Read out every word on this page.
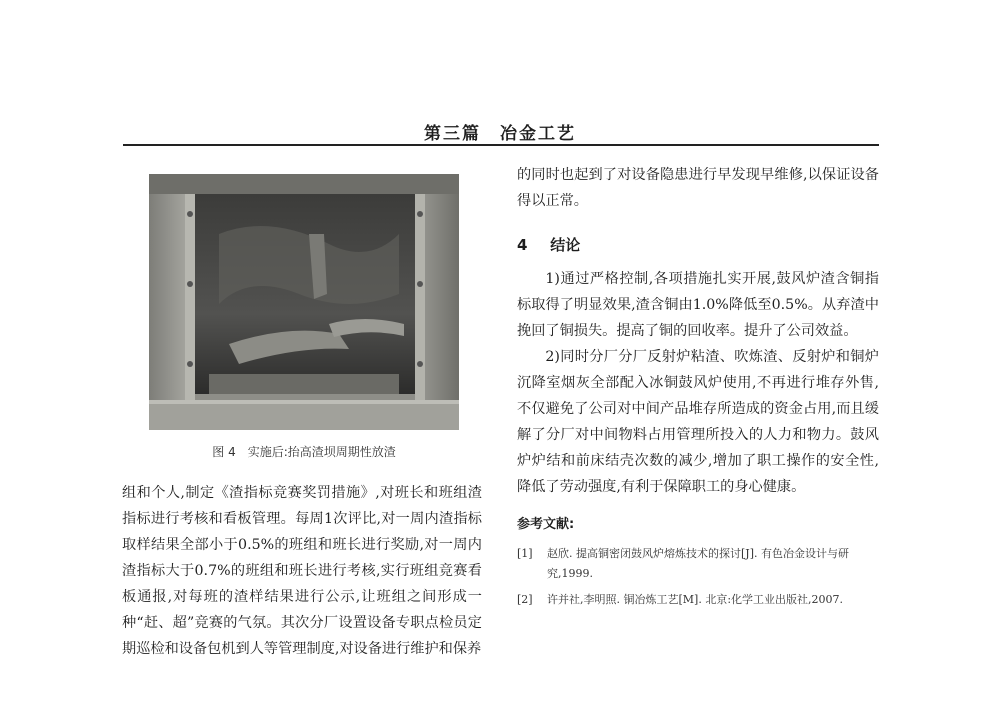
第三篇　冶金工艺
图 4　实施后:抬高渣坝周期性放渣

组和个人,制定《渣指标竞赛奖罚措施》,对班长和班组渣指标进行考核和看板管理。每周1次评比,对一周内渣指标取样结果全部小于0.5%的班组和班长进行奖励,对一周内渣指标大于0.7%的班组和班长进行考核,实行班组竞赛看板通报,对每班的渣样结果进行公示,让班组之间形成一种“赶、超”竞赛的气氛。其次分厂设置设备专职点检员定期巡检和设备包机到人等管理制度,对设备进行维护和保养

的同时也起到了对设备隐患进行早发现早维修,以保证设备得以正常。

4 结论

1)通过严格控制,各项措施扎实开展,鼓风炉渣含铜指标取得了明显效果,渣含铜由1.0%降低至0.5%。从弃渣中挽回了铜损失。提高了铜的回收率。提升了公司效益。

2)同时分厂分厂反射炉粘渣、吹炼渣、反射炉和铜炉沉降室烟灰全部配入冰铜鼓风炉使用,不再进行堆存外售,不仅避免了公司对中间产品堆存所造成的资金占用,而且缓解了分厂对中间物料占用管理所投入的人力和物力。鼓风炉炉结和前床结壳次数的减少,增加了职工操作的安全性,降低了劳动强度,有利于保障职工的身心健康。

参考文献:
[1]	赵欣. 提高铜密闭鼓风炉熔炼技术的探讨[J]. 有色冶金设计与研究,1999.
[2]	许并社,李明照. 铜冶炼工艺[M]. 北京:化学工业出版社,2007.
